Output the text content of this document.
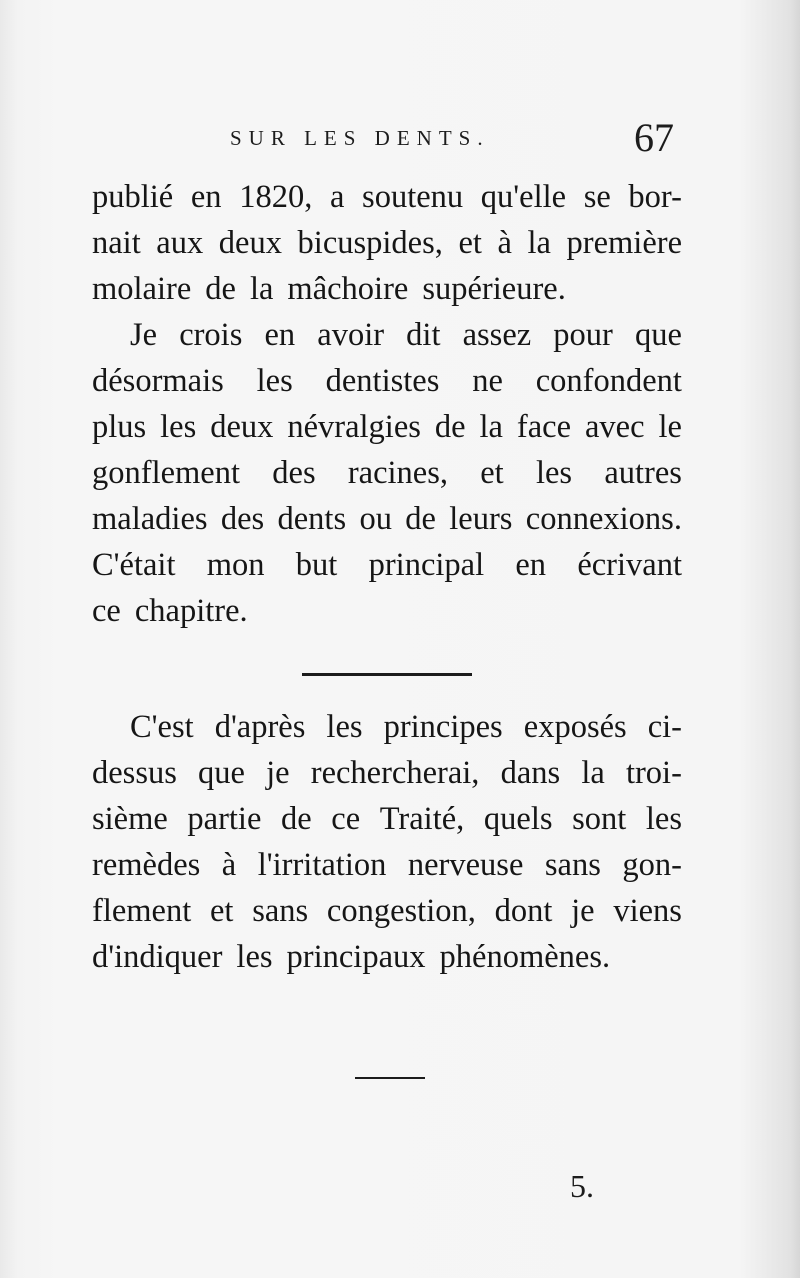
SUR LES DENTS.	67
publié en 1820, a soutenu qu'elle se bor-
nait aux deux bicuspides, et à la première
molaire de la mâchoire supérieure.
Je crois en avoir dit assez pour que
désormais les dentistes ne confondent
plus les deux névralgies de la face avec le
gonflement des racines, et les autres
maladies des dents ou de leurs connexions.
C'était mon but principal en écrivant
ce chapitre.
C'est d'après les principes exposés ci-
dessus que je rechercherai, dans la troi-
sième partie de ce Traité, quels sont les
remèdes à l'irritation nerveuse sans gon-
flement et sans congestion, dont je viens
d'indiquer les principaux phénomènes.
5.
